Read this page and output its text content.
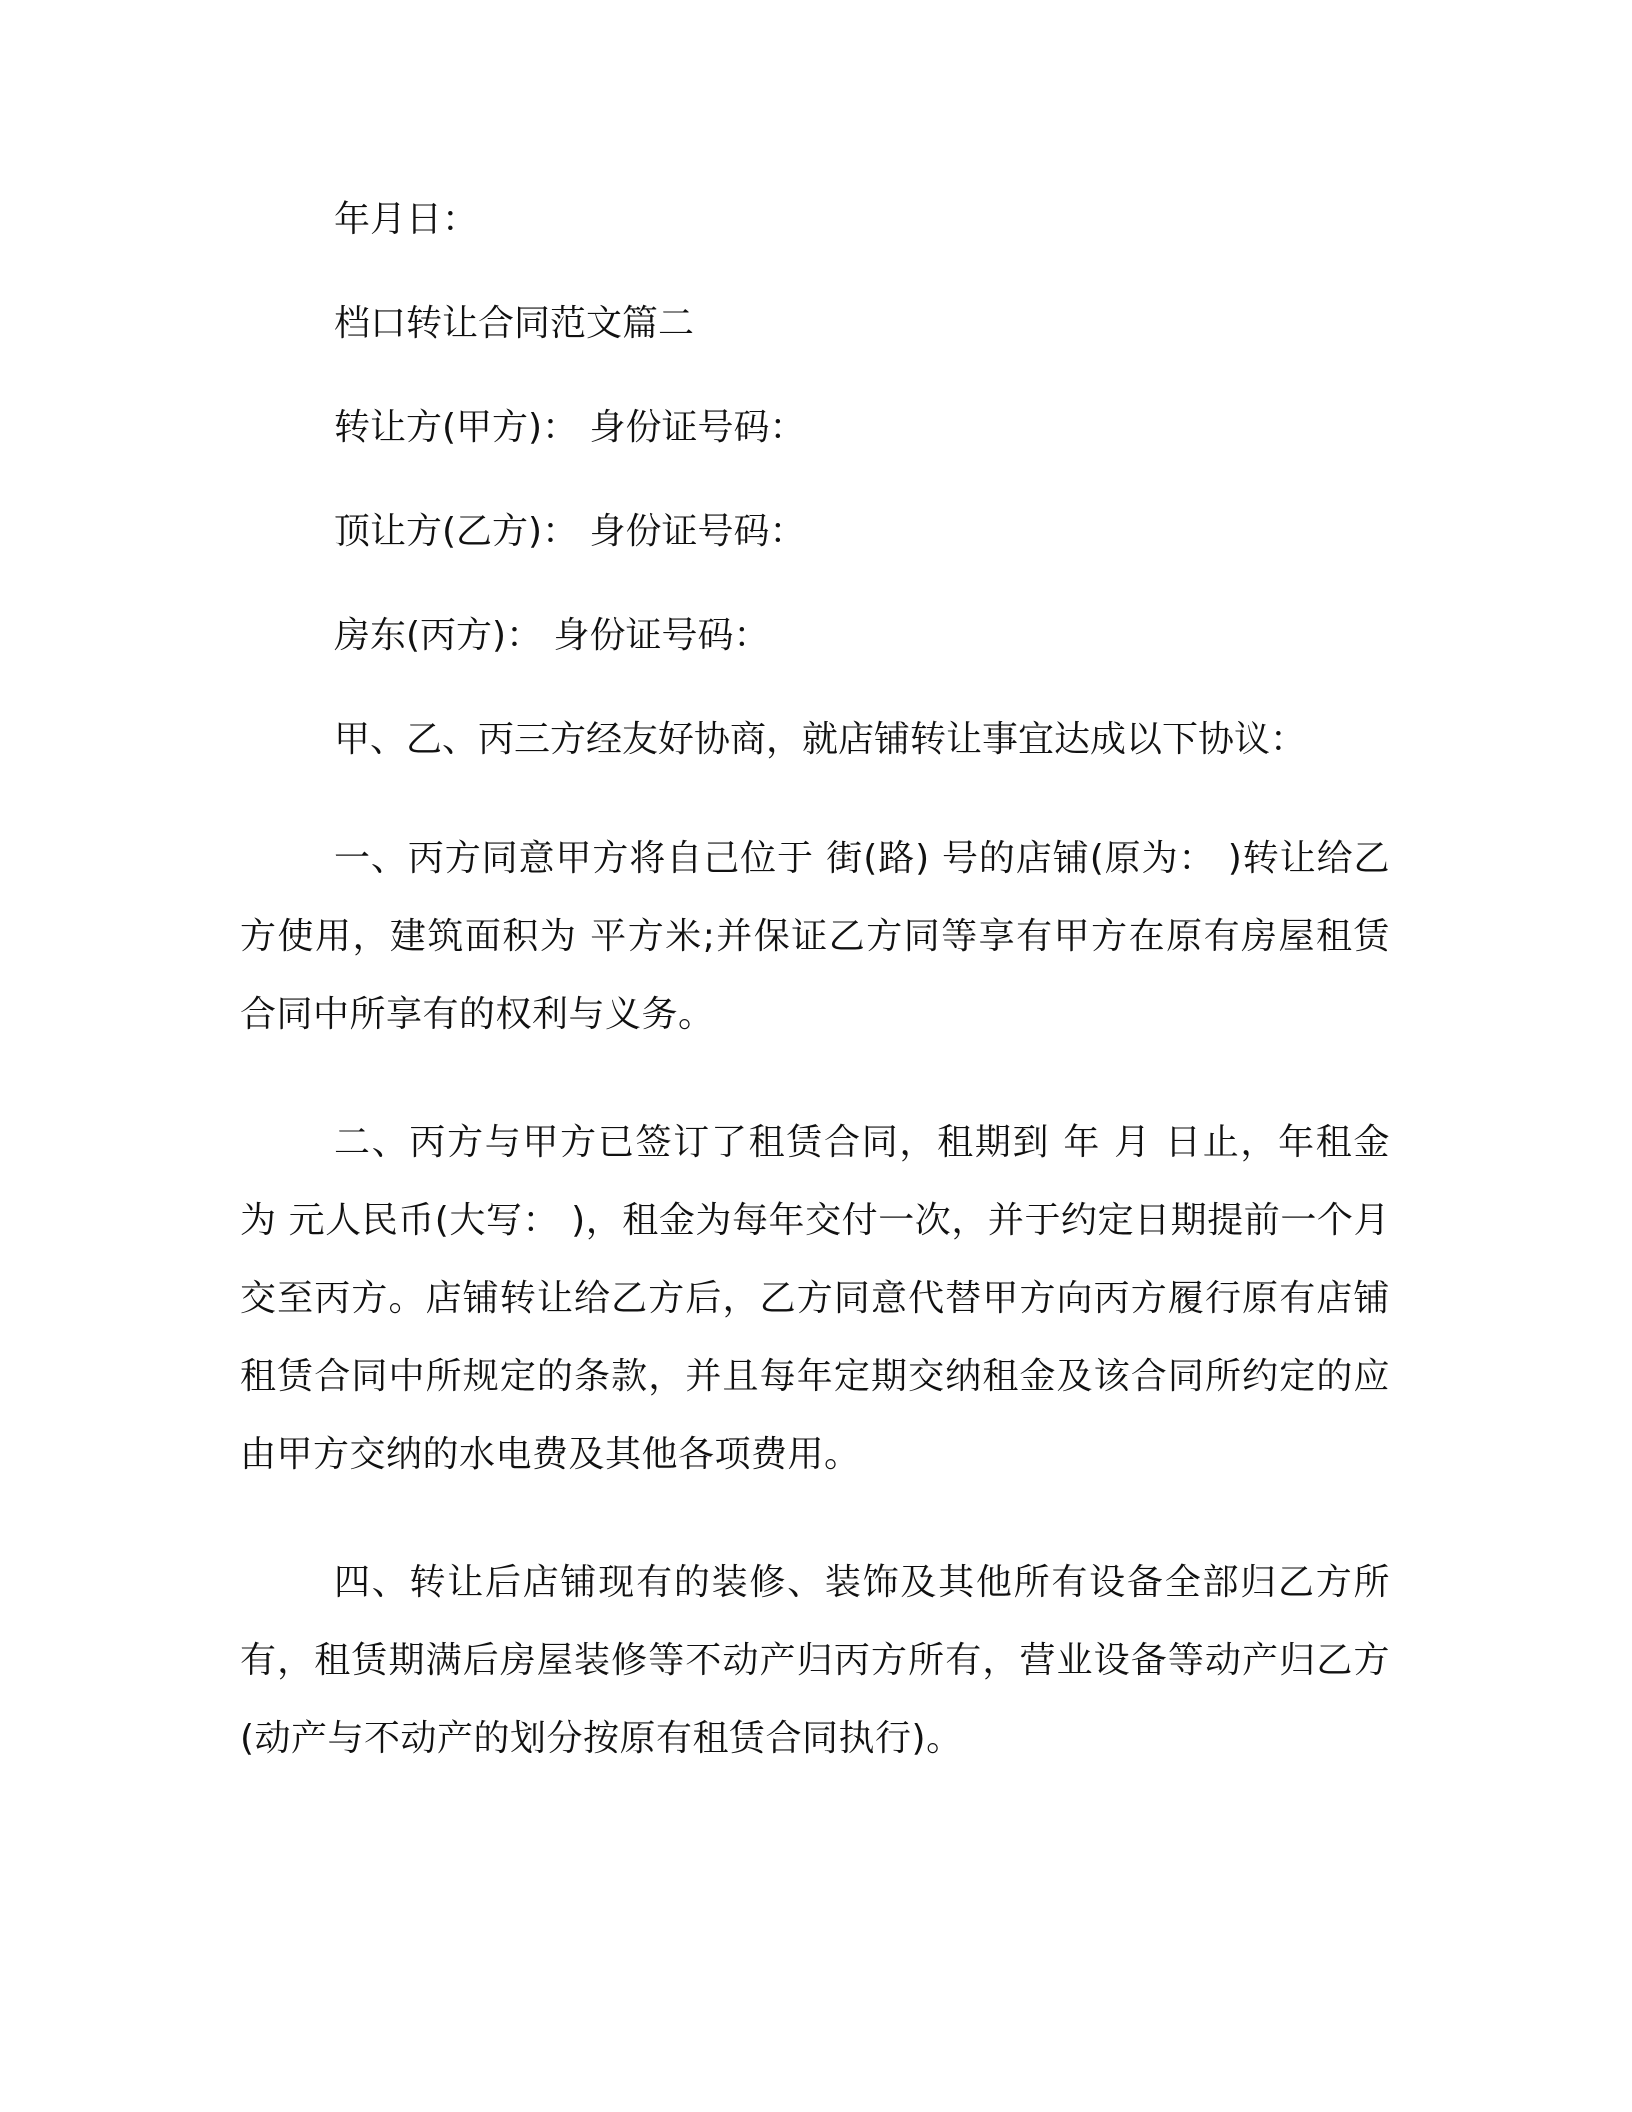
年月日：

档口转让合同范文篇二

转让方(甲方)： 身份证号码：

顶让方(乙方)： 身份证号码：

房东(丙方)： 身份证号码：

甲、乙、丙三方经友好协商，就店铺转让事宜达成以下协议：

一、丙方同意甲方将自己位于 街(路) 号的店铺(原为： )转让给乙方使用，建筑面积为 平方米;并保证乙方同等享有甲方在原有房屋租赁合同中所享有的权利与义务。

二、丙方与甲方已签订了租赁合同，租期到 年 月 日止，年租金为 元人民币(大写： )，租金为每年交付一次，并于约定日期提前一个月交至丙方。店铺转让给乙方后，乙方同意代替甲方向丙方履行原有店铺租赁合同中所规定的条款，并且每年定期交纳租金及该合同所约定的应由甲方交纳的水电费及其他各项费用。

四、转让后店铺现有的装修、装饰及其他所有设备全部归乙方所有，租赁期满后房屋装修等不动产归丙方所有，营业设备等动产归乙方(动产与不动产的划分按原有租赁合同执行)。
